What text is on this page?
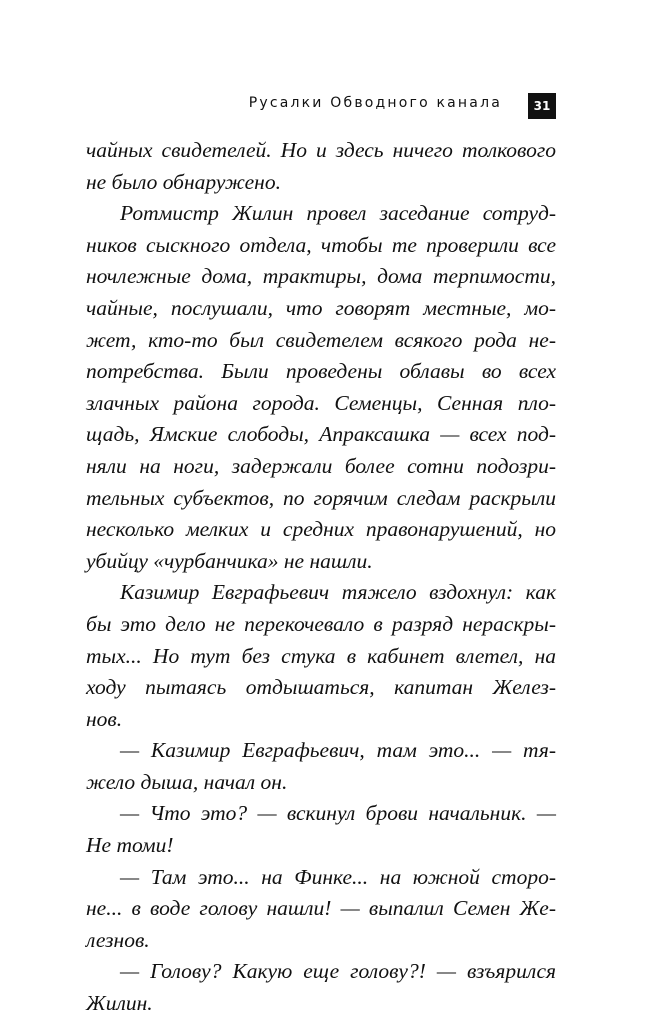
Русалки Обводного канала	31
чайных свидетелей. Но и здесь ничего толкового
не было обнаружено.
Ротмистр Жилин провел заседание сотруд-
ников сыскного отдела, чтобы те проверили все
ночлежные дома, трактиры, дома терпимости,
чайные, послушали, что говорят местные, мо-
жет, кто-то был свидетелем всякого рода не-
потребства. Были проведены облавы во всех
злачных района города. Семенцы, Сенная пло-
щадь, Ямские слободы, Апраксашка — всех под-
няли на ноги, задержали более сотни подозри-
тельных субъектов, по горячим следам раскрыли
несколько мелких и средних правонарушений, но
убийцу «чурбанчика» не нашли.
Казимир Евграфьевич тяжело вздохнул: как
бы это дело не перекочевало в разряд нераскры-
тых... Но тут без стука в кабинет влетел, на
ходу пытаясь отдышаться, капитан Желез-
нов.
— Казимир Евграфьевич, там это... — тя-
жело дыша, начал он.
— Что это? — вскинул брови начальник. —
Не томи!
— Там это... на Финке... на южной сторо-
не... в воде голову нашли! — выпалил Семен Же-
лезнов.
— Голову? Какую еще голову?! — взъярился
Жилин.
